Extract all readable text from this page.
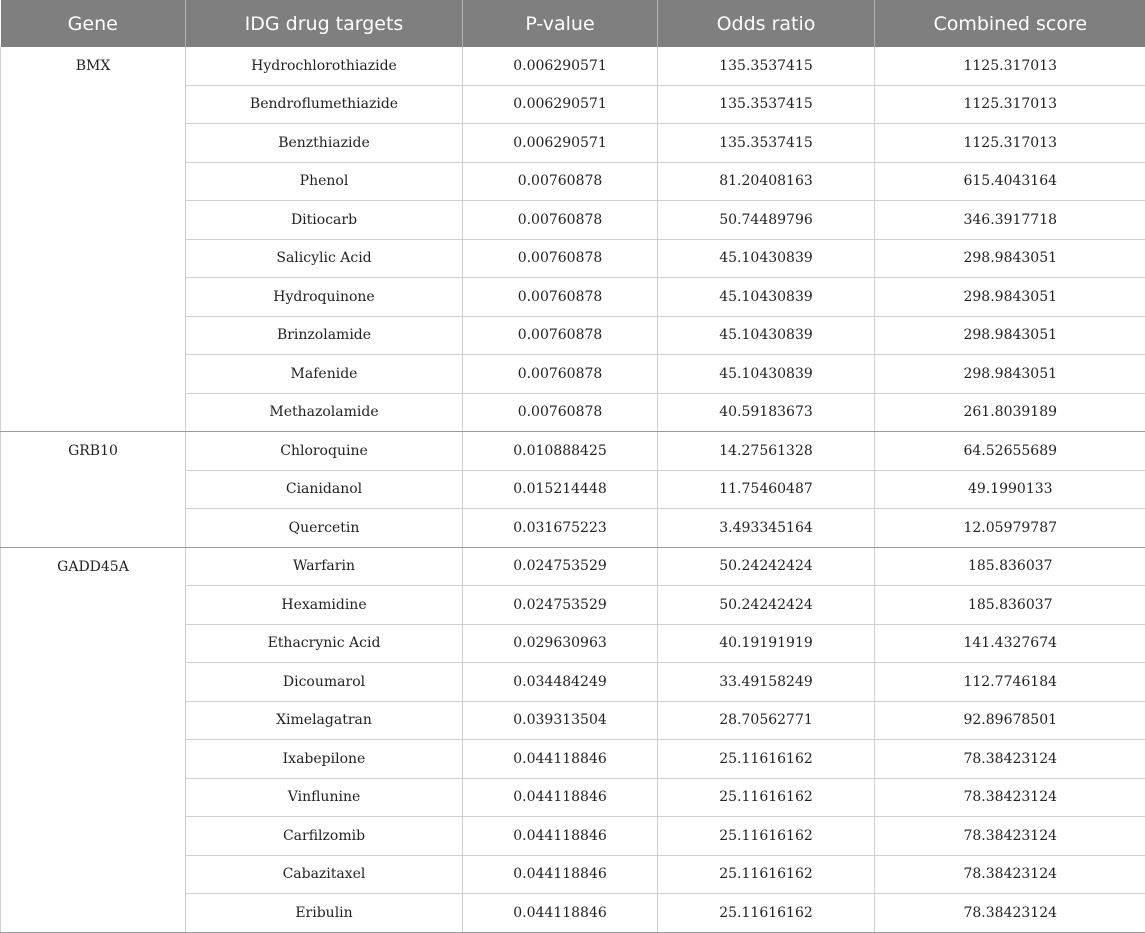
Gene	IDG drug targets	P-value	Odds ratio	Combined score
BMX	Hydrochlorothiazide	0.006290571	135.3537415	1125.317013
	Bendroflumethiazide	0.006290571	135.3537415	1125.317013
	Benzthiazide	0.006290571	135.3537415	1125.317013
	Phenol	0.00760878	81.20408163	615.4043164
	Ditiocarb	0.00760878	50.74489796	346.3917718
	Salicylic Acid	0.00760878	45.10430839	298.9843051
	Hydroquinone	0.00760878	45.10430839	298.9843051
	Brinzolamide	0.00760878	45.10430839	298.9843051
	Mafenide	0.00760878	45.10430839	298.9843051
	Methazolamide	0.00760878	40.59183673	261.8039189
GRB10	Chloroquine	0.010888425	14.27561328	64.52655689
	Cianidanol	0.015214448	11.75460487	49.1990133
	Quercetin	0.031675223	3.493345164	12.05979787
GADD45A	Warfarin	0.024753529	50.24242424	185.836037
	Hexamidine	0.024753529	50.24242424	185.836037
	Ethacrynic Acid	0.029630963	40.19191919	141.4327674
	Dicoumarol	0.034484249	33.49158249	112.7746184
	Ximelagatran	0.039313504	28.70562771	92.89678501
	Ixabepilone	0.044118846	25.11616162	78.38423124
	Vinflunine	0.044118846	25.11616162	78.38423124
	Carfilzomib	0.044118846	25.11616162	78.38423124
	Cabazitaxel	0.044118846	25.11616162	78.38423124
	Eribulin	0.044118846	25.11616162	78.38423124
